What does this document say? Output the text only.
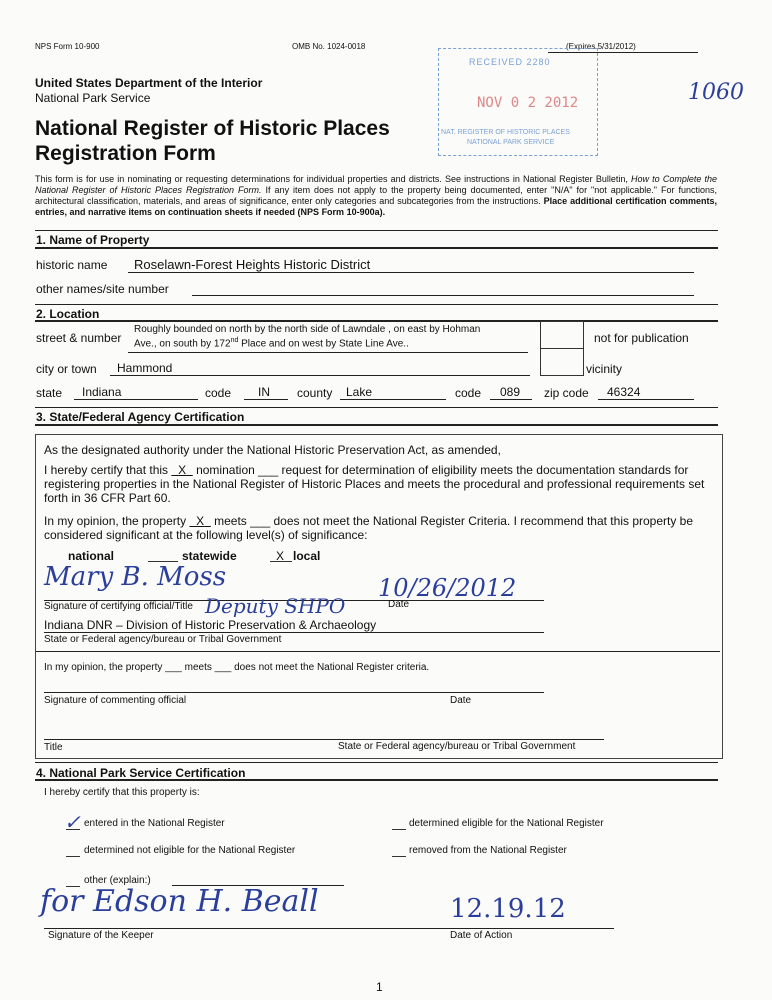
NPS Form 10-900	OMB No. 1024-0018	(Expires 5/31/2012)
United States Department of the Interior
National Park Service
National Register of Historic Places
Registration Form
RECEIVED 2280
NOV 0 2 2012
NAT. REGISTER OF HISTORIC PLACES
NATIONAL PARK SERVICE
1060
This form is for use in nominating or requesting determinations for individual properties and districts. See instructions in National Register Bulletin, How to Complete the National Register of Historic Places Registration Form. If any item does not apply to the property being documented, enter "N/A" for "not applicable." For functions, architectural classification, materials, and areas of significance, enter only categories and subcategories from the instructions. Place additional certification comments, entries, and narrative items on continuation sheets if needed (NPS Form 10-900a).
1. Name of Property
historic name Roselawn-Forest Heights Historic District
other names/site number
2. Location
street & number
Roughly bounded on north by the north side of Lawndale , on east by Hohman
Ave., on south by 172nd Place and on west by State Line Ave..	not for publication
city or town Hammond	vicinity
state Indiana	code IN county Lake	code 089 zip code 46324
3. State/Federal Agency Certification
As the designated authority under the National Historic Preservation Act, as amended,
I hereby certify that this   X   nomination ___ request for determination of eligibility meets the documentation standards for registering properties in the National Register of Historic Places and meets the procedural and professional requirements set forth in 36 CFR Part 60.
In my opinion, the property   X   meets ___ does not meet the National Register Criteria. I recommend that this property be considered significant at the following level(s) of significance:
national	statewide	X local
Mary B. Moss	10/26/2012
Signature of certifying official/Title	Date
Deputy SHPO
Indiana DNR – Division of Historic Preservation & Archaeology
State or Federal agency/bureau or Tribal Government
In my opinion, the property ___ meets ___ does not meet the National Register criteria.
Signature of commenting official	Date
Title	State or Federal agency/bureau or Tribal Government
4. National Park Service Certification
I hereby certify that this property is:
✓ entered in the National Register	determined eligible for the National Register
determined not eligible for the National Register	removed from the National Register
other (explain:)
for Edson H. Beall	12.19.12
Signature of the Keeper	Date of Action
1
